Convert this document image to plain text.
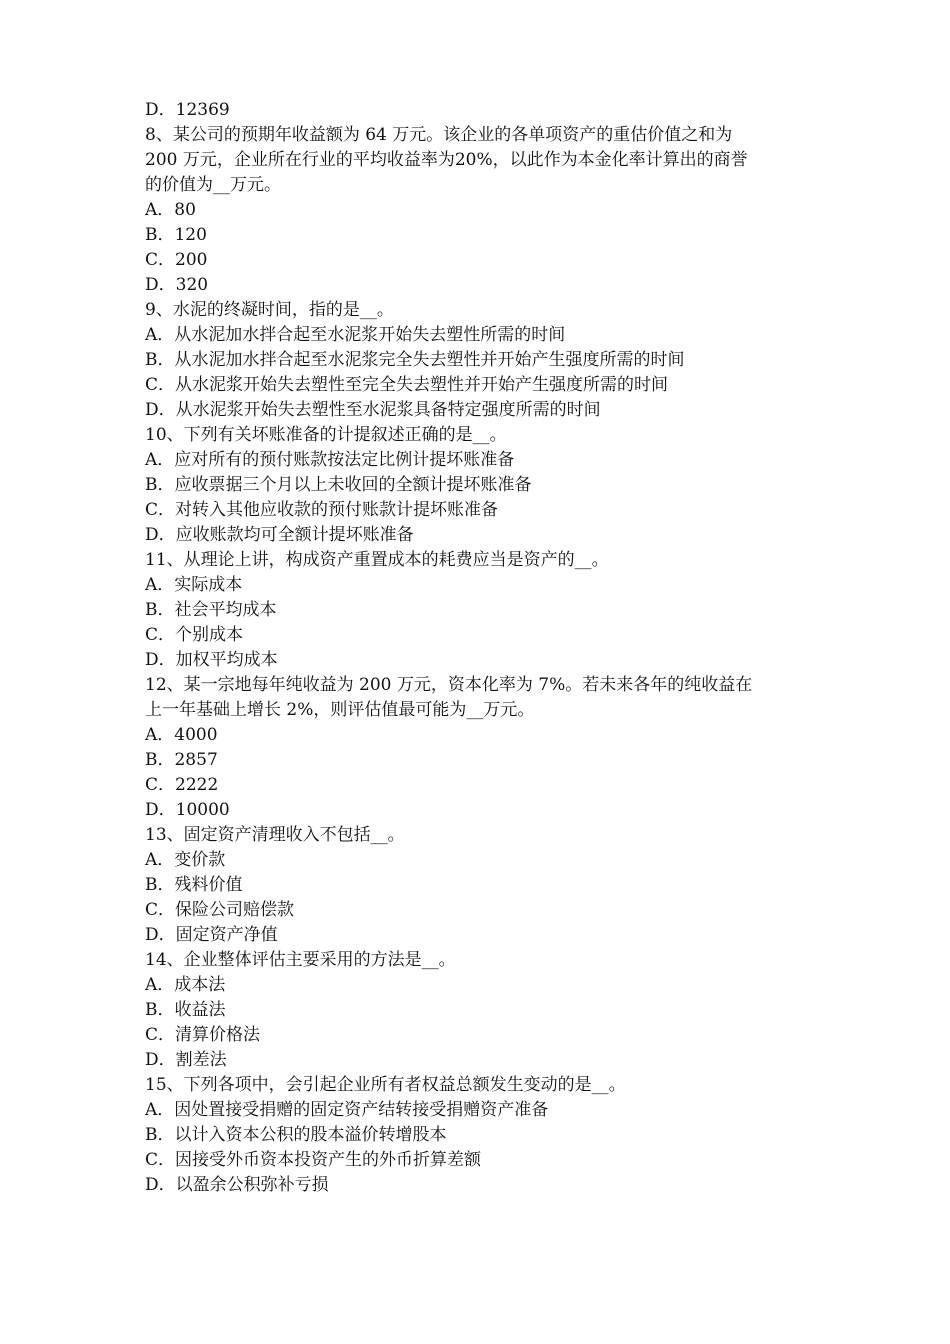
D．12369
8、某公司的预期年收益额为 64 万元。该企业的各单项资产的重估价值之和为
200 万元，企业所在行业的平均收益率为20%，以此作为本金化率计算出的商誉
的价值为__万元。
A．80
B．120
C．200
D．320
9、水泥的终凝时间，指的是__。
A．从水泥加水拌合起至水泥浆开始失去塑性所需的时间
B．从水泥加水拌合起至水泥浆完全失去塑性并开始产生强度所需的时间
C．从水泥浆开始失去塑性至完全失去塑性并开始产生强度所需的时间
D．从水泥浆开始失去塑性至水泥浆具备特定强度所需的时间
10、下列有关坏账准备的计提叙述正确的是__。
A．应对所有的预付账款按法定比例计提坏账准备
B．应收票据三个月以上未收回的全额计提坏账准备
C．对转入其他应收款的预付账款计提坏账准备
D．应收账款均可全额计提坏账准备
11、从理论上讲，构成资产重置成本的耗费应当是资产的__。
A．实际成本
B．社会平均成本
C．个别成本
D．加权平均成本
12、某一宗地每年纯收益为 200 万元，资本化率为 7%。若未来各年的纯收益在
上一年基础上增长 2%，则评估值最可能为__万元。
A．4000
B．2857
C．2222
D．10000
13、固定资产清理收入不包括__。
A．变价款
B．残料价值
C．保险公司赔偿款
D．固定资产净值
14、企业整体评估主要采用的方法是__。
A．成本法
B．收益法
C．清算价格法
D．割差法
15、下列各项中，会引起企业所有者权益总额发生变动的是__。
A．因处置接受捐赠的固定资产结转接受捐赠资产准备
B．以计入资本公积的股本溢价转增股本
C．因接受外币资本投资产生的外币折算差额
D．以盈余公积弥补亏损
